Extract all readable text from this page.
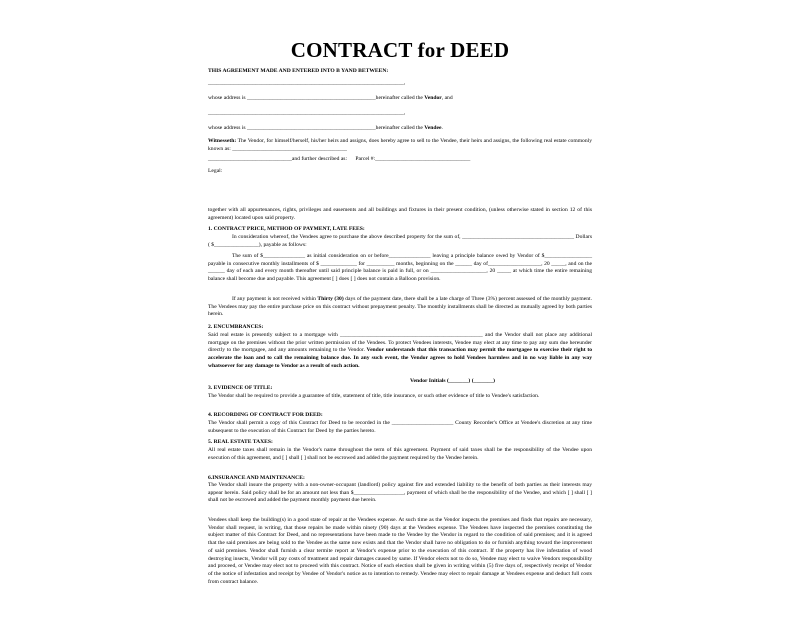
CONTRACT for DEED
THIS AGREEMENT MADE AND ENTERED INTO B YAND BETWEEN:
______________________________________________________________________,
whose address is ______________________________________________hereinafter called the Vendor, and
______________________________________________________________________,
whose address is ______________________________________________hereinafter called the Vendee.
Witnesseth: The Vendor, for himself/herself, his/her heirs and assigns, does hereby agree to sell to the Vendee, their heirs and assigns, the following real estate commonly known as: _________________________________________
______________________________and further described as:      Parcel #:__________________________________
Legal:
together with all appurtenances, rights, privileges and easements and all buildings and fixtures in their present condition, (unless otherwise stated in section 12 of this agreement) located upon said property.
1. CONTRACT PRICE, METHOD OF PAYMENT, LATE FEES:
In consideration whereof, the Vendees agree to purchase the above described property for the sum of, ________________________________________ Dollars ( $________________), payable as follows:
The sum of $_______________ as initial consideration on or before_______________ leaving a principle balance owed by Vendor of $_________________ payable in consecutive monthly installments of $ _____________ for __________ months, beginning on the ______ day of___________________, 20 _____, and on the ______ day of each and every month thereafter until said principle balance is paid in full, or on ____________________, 20 _____ at which time the entire remaining balance shall become due and payable. This agreement [ ] does [ ] does not contain a Balloon provision.
If any payment is not received within Thirty (30) days of the payment date, there shall be a late charge of Three (3%) percent assessed of the monthly payment. The Vendees may pay the entire purchase price on this contract without prepayment penalty. The monthly installments shall be directed as mutually agreed by both parties herein.
2. ENCUMBRANCES:
Said real estate is presently subject to a mortgage with ___________________________________________________ and the Vendor shall not place any additional mortgage on the premises without the prior written permission of the Vendees. To protect Vendees interests, Vendee may elect at any time to pay any sum due hereunder directly to the mortgagee, and any amounts remaining to the Vendor. Vendor understands that this transaction may permit the mortgagee to exercise their right to accelerate the loan and to call the remaining balance due. In any such event, the Vendor agrees to hold Vendees harmless and in no way liable in any way whatsoever for any damage to Vendor as a result of such action.
Vendor Initials (_______) (_______)
3. EVIDENCE OF TITLE:
The Vendor shall be required to provide a guarantee of title, statement of title, title insurance, or such other evidence of title to Vendee's satisfaction.
4. RECORDING OF CONTRACT FOR DEED:
The Vendor shall permit a copy of this Contract for Deed to be recorded in the ______________________ County Recorder's Office at Vendee's discretion at any time subsequent to the execution of this Contract for Deed by the parties hereto.
5. REAL ESTATE TAXES:
All real estate taxes shall remain in the Vendor's name throughout the term of this agreement. Payment of said taxes shall be the responsibility of the Vendee upon execution of this agreement, and [ ] shall [ ] shall not be escrowed and added the payment required by the Vendee herein.
6.INSURANCE AND MAINTENANCE:
The Vendor shall insure the property with a non-owner-occupant (landlord) policy against fire and extended liability to the benefit of both parties as their interests may appear herein. Said policy shall be for an amount not less than $__________________, payment of which shall be the responsibility of the Vendee, and which [ ] shall [ ] shall not be escrowed and added the payment monthly payment due herein.
Vendees shall keep the building(s) in a good state of repair at the Vendees expense. At such time as the Vendor inspects the premises and finds that repairs are necessary, Vendor shall request, in writing, that those repairs be made within ninety (90) days at the Vendees expense. The Vendees have inspected the premises constituting the subject matter of this Contract for Deed, and no representations have been made to the Vendee by the Vendor in regard to the condition of said premises; and it is agreed that the said premises are being sold to the Vendee as the same now exists and that the Vendor shall have no obligation to do or furnish anything toward the improvement of said premises. Vendor shall furnish a clear termite report at Vendor's expense prior to the execution of this contract. If the property has live infestation of wood destroying insects, Vendor will pay costs of treatment and repair damages caused by same. If Vendor elects not to do so, Vendee may elect to waive Vendors responsibility and proceed, or Vendee may elect not to proceed with this contract. Notice of each election shall be given in writing within (5) five days of, respectively receipt of Vendor of the notice of infestation and receipt by Vendee of Vendor's notice as to intention to remedy. Vendee may elect to repair damage at Vendees expense and deduct full costs from contract balance.
